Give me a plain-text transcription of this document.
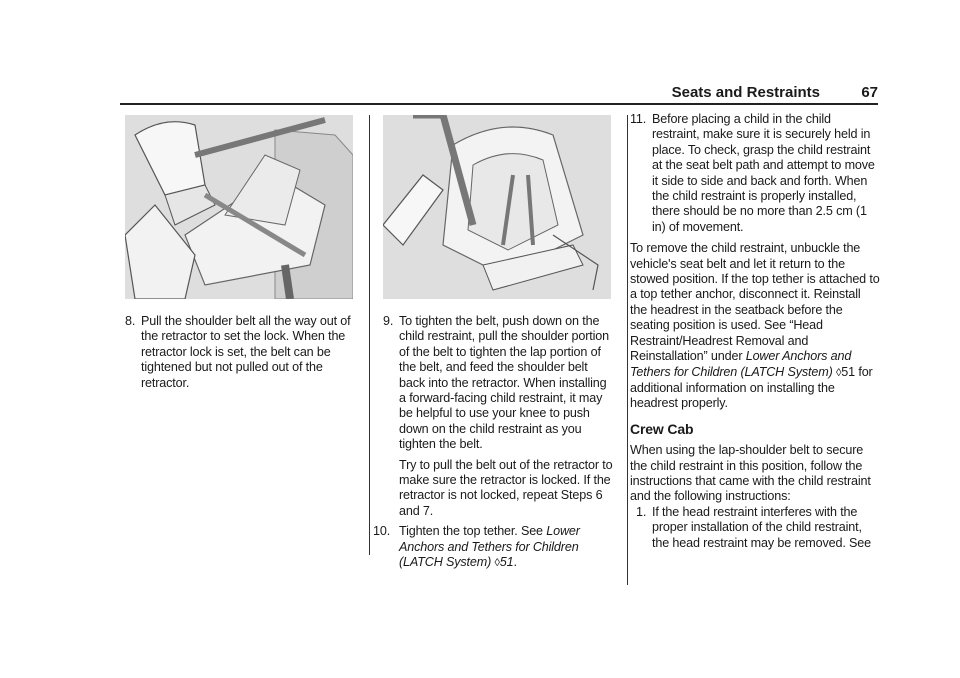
Seats and Restraints	67
8. Pull the shoulder belt all the way out of the retractor to set the lock. When the retractor lock is set, the belt can be tightened but not pulled out of the retractor.
9. To tighten the belt, push down on the child restraint, pull the shoulder portion of the belt to tighten the lap portion of the belt, and feed the shoulder belt back into the retractor. When installing a forward-facing child restraint, it may be helpful to use your knee to push down on the child restraint as you tighten the belt.

Try to pull the belt out of the retractor to make sure the retractor is locked. If the retractor is not locked, repeat Steps 6 and 7.

10. Tighten the top tether. See Lower Anchors and Tethers for Children (LATCH System) ◊51.
11. Before placing a child in the child restraint, make sure it is securely held in place. To check, grasp the child restraint at the seat belt path and attempt to move it side to side and back and forth. When the child restraint is properly installed, there should be no more than 2.5 cm (1 in) of movement.

To remove the child restraint, unbuckle the vehicle's seat belt and let it return to the stowed position. If the top tether is attached to a top tether anchor, disconnect it. Reinstall the headrest in the seatback before the seating position is used. See “Head Restraint/Headrest Removal and Reinstallation” under Lower Anchors and Tethers for Children (LATCH System) ◊51 for additional information on installing the headrest properly.

Crew Cab

When using the lap-shoulder belt to secure the child restraint in this position, follow the instructions that came with the child restraint and the following instructions:

1. If the head restraint interferes with the proper installation of the child restraint, the head restraint may be removed. See
